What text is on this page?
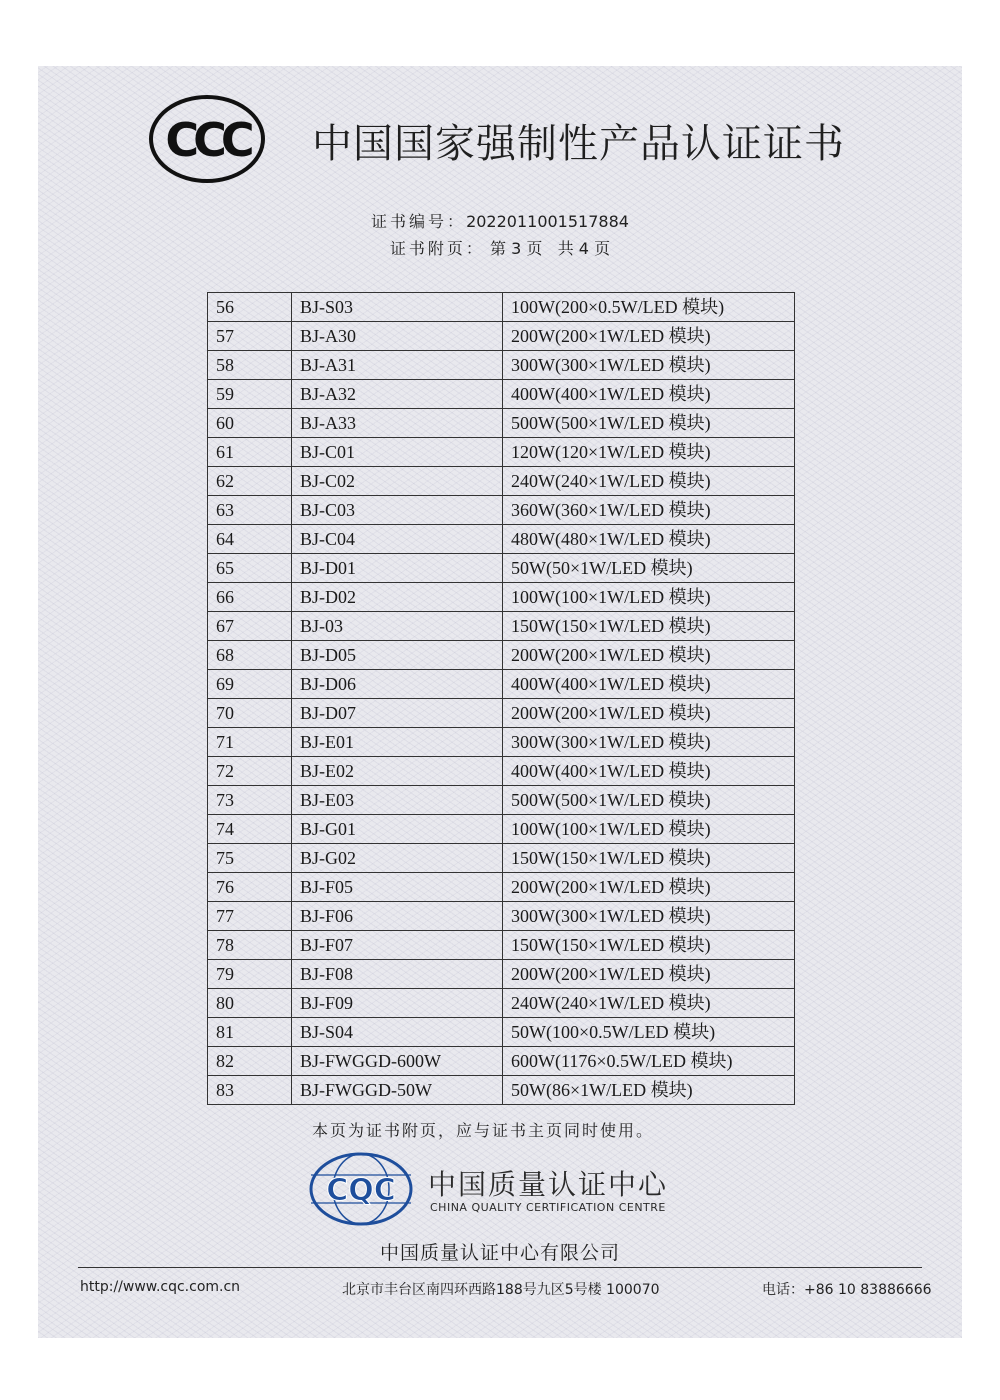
CCC 中国国家强制性产品认证证书
证书编号：2022011001517884
证书附页： 第 3 页 共 4 页
56	BJ-S03	100W(200×0.5W/LED 模块)
57	BJ-A30	200W(200×1W/LED 模块)
58	BJ-A31	300W(300×1W/LED 模块)
59	BJ-A32	400W(400×1W/LED 模块)
60	BJ-A33	500W(500×1W/LED 模块)
61	BJ-C01	120W(120×1W/LED 模块)
62	BJ-C02	240W(240×1W/LED 模块)
63	BJ-C03	360W(360×1W/LED 模块)
64	BJ-C04	480W(480×1W/LED 模块)
65	BJ-D01	50W(50×1W/LED 模块)
66	BJ-D02	100W(100×1W/LED 模块)
67	BJ-03	150W(150×1W/LED 模块)
68	BJ-D05	200W(200×1W/LED 模块)
69	BJ-D06	400W(400×1W/LED 模块)
70	BJ-D07	200W(200×1W/LED 模块)
71	BJ-E01	300W(300×1W/LED 模块)
72	BJ-E02	400W(400×1W/LED 模块)
73	BJ-E03	500W(500×1W/LED 模块)
74	BJ-G01	100W(100×1W/LED 模块)
75	BJ-G02	150W(150×1W/LED 模块)
76	BJ-F05	200W(200×1W/LED 模块)
77	BJ-F06	300W(300×1W/LED 模块)
78	BJ-F07	150W(150×1W/LED 模块)
79	BJ-F08	200W(200×1W/LED 模块)
80	BJ-F09	240W(240×1W/LED 模块)
81	BJ-S04	50W(100×0.5W/LED 模块)
82	BJ-FWGGD-600W	600W(1176×0.5W/LED 模块)
83	BJ-FWGGD-50W	50W(86×1W/LED 模块)
本页为证书附页，应与证书主页同时使用。
CQC 中国质量认证中心
CHINA QUALITY CERTIFICATION CENTRE
中国质量认证中心有限公司
http://www.cqc.com.cn	北京市丰台区南四环西路188号九区5号楼 100070	电话：+86 10 83886666
